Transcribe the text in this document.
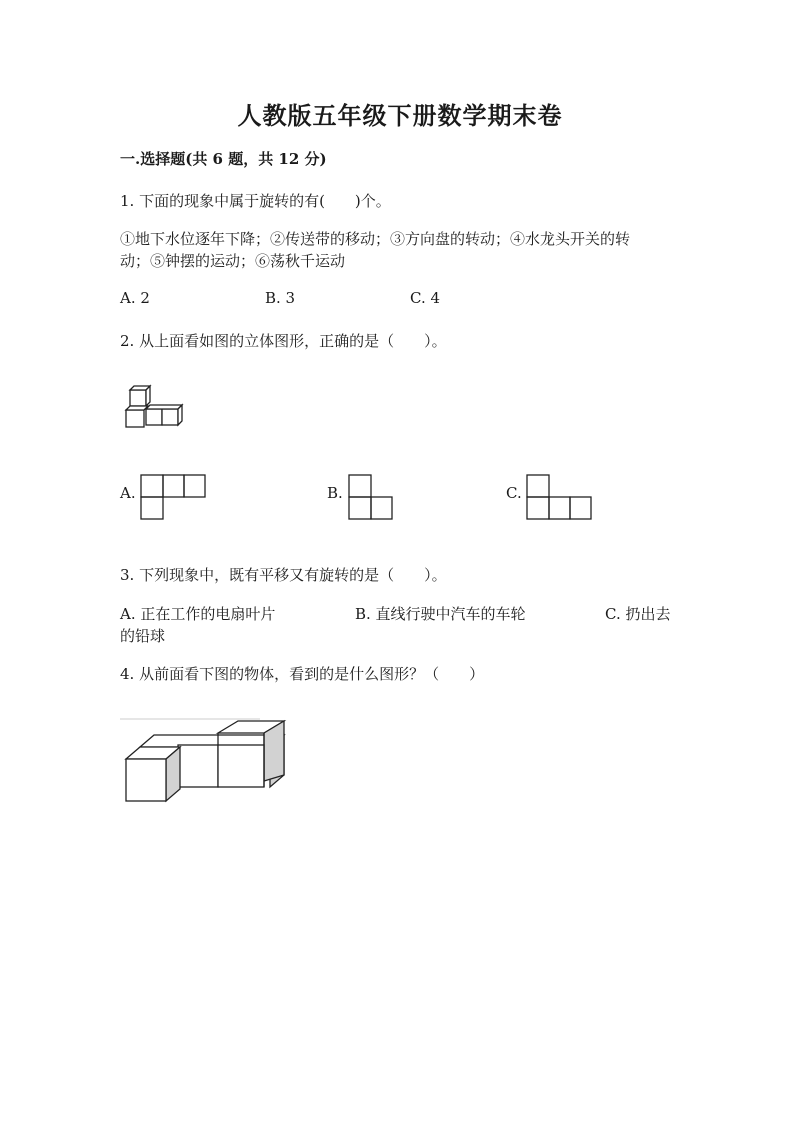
人教版五年级下册数学期末卷
一.选择题(共 6 题，共 12 分)
1. 下面的现象中属于旋转的有(　　)个。
①地下水位逐年下降；②传送带的移动；③方向盘的转动；④水龙头开关的转
动；⑤钟摆的运动；⑥荡秋千运动
A. 2	B. 3	C. 4
2. 从上面看如图的立体图形，正确的是（　　）。
A.	B.	C.
3. 下列现象中，既有平移又有旋转的是（　　）。
A. 正在工作的电扇叶片	B. 直线行驶中汽车的车轮	C. 扔出去
的铅球
4. 从前面看下图的物体，看到的是什么图形？（　　）
